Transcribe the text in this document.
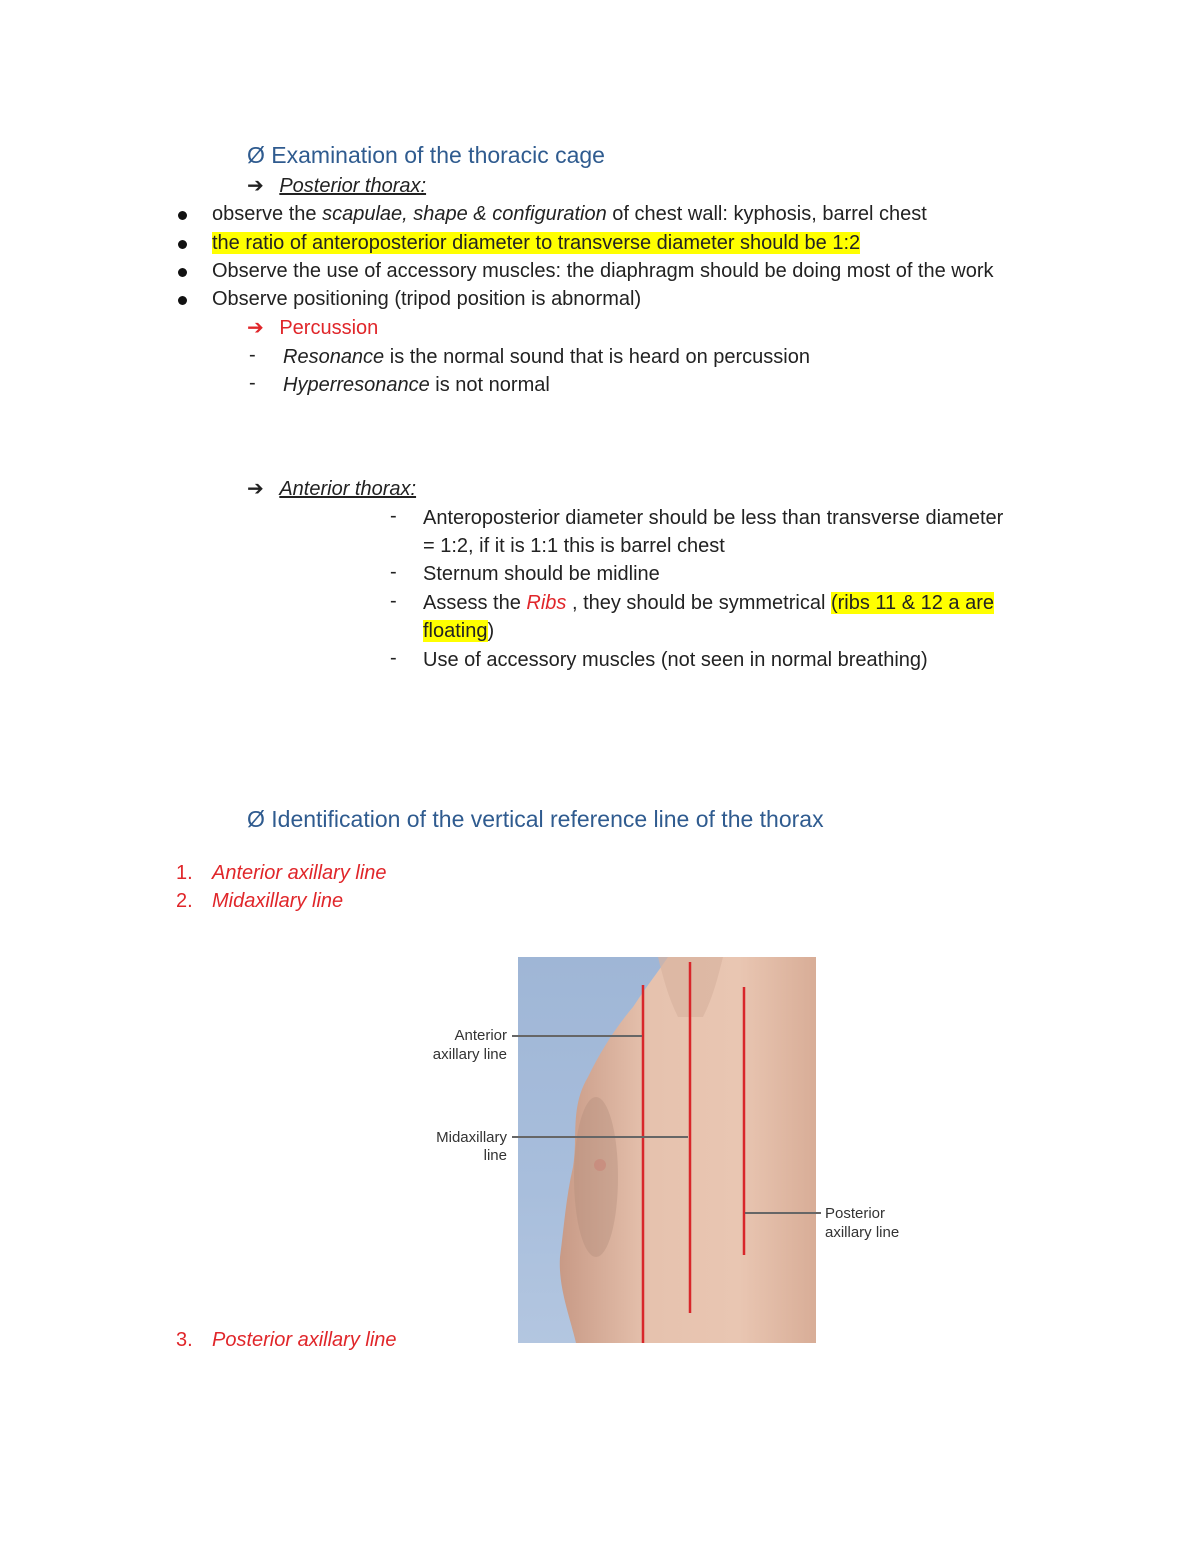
Ø Examination of the thoracic cage
➔ Posterior thorax:
observe the scapulae, shape & configuration of chest wall: kyphosis, barrel chest
the ratio of anteroposterior diameter to transverse diameter should be 1:2
Observe the use of accessory muscles: the diaphragm should be doing most of the work
Observe positioning (tripod position is abnormal)
➔ Percussion
- Resonance is the normal sound that is heard on percussion
- Hyperresonance is not normal
➔ Anterior thorax:
- Anteroposterior diameter should be less than transverse diameter
= 1:2, if it is 1:1 this is barrel chest
- Sternum should be midline
- Assess the Ribs , they should be symmetrical (ribs 11 & 12 a are
floating)
- Use of accessory muscles (not seen in normal breathing)
Ø Identification of the vertical reference line of the thorax
1. Anterior axillary line
2. Midaxillary line
3. Posterior axillary line
Anterior
axillary line
Midaxillary
line
Posterior
axillary line
